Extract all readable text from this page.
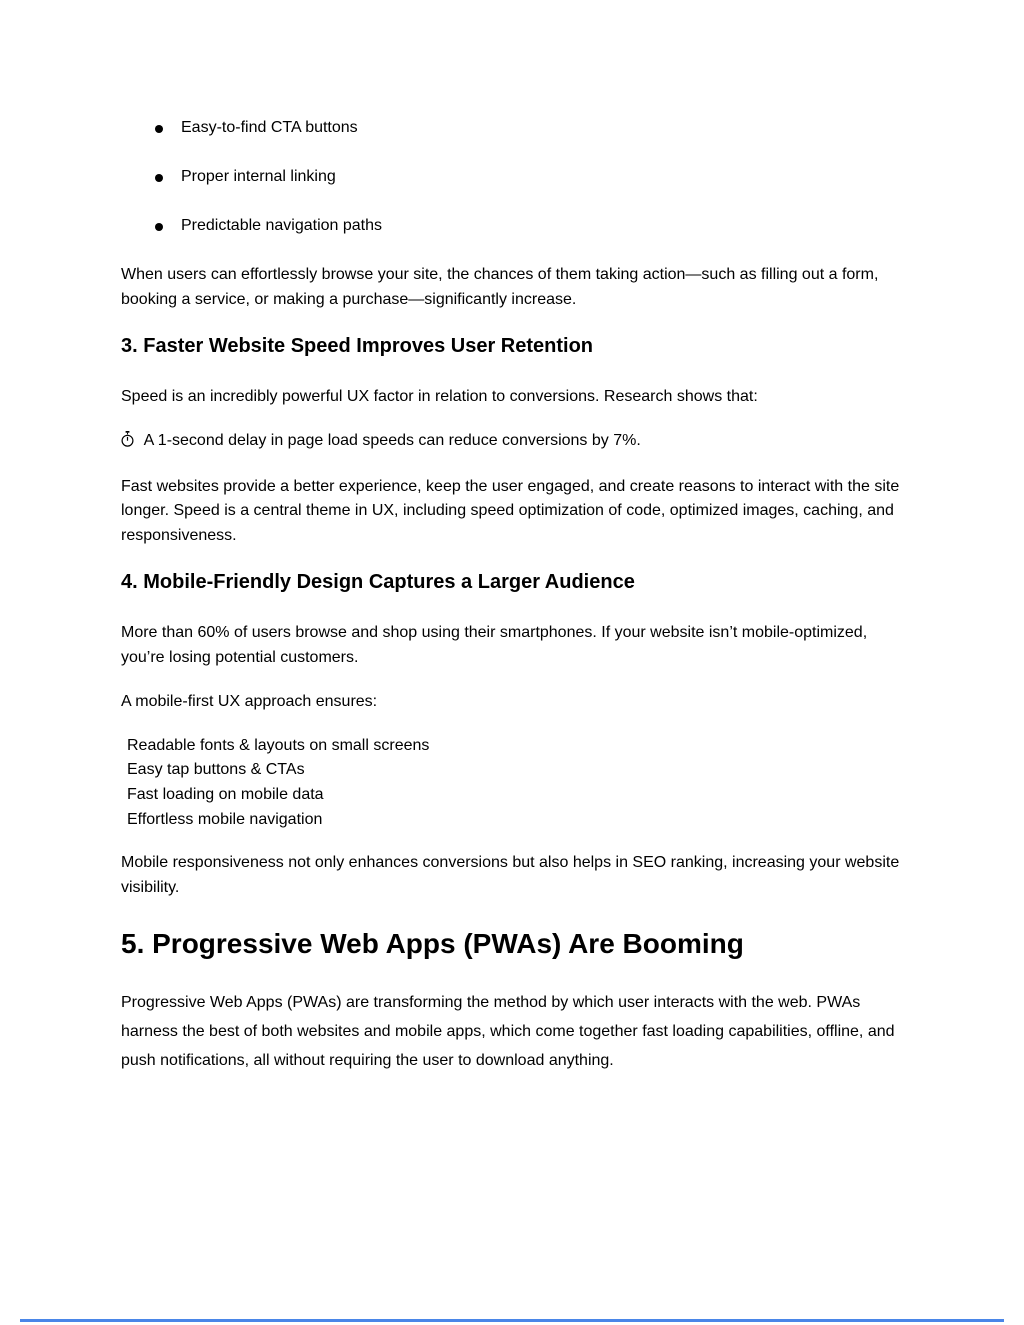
Easy-to-find CTA buttons
Proper internal linking
Predictable navigation paths

When users can effortlessly browse your site, the chances of them taking action—such as filling out a form, booking a service, or making a purchase—significantly increase.

3. Faster Website Speed Improves User Retention

Speed is an incredibly powerful UX factor in relation to conversions. Research shows that:

A 1-second delay in page load speeds can reduce conversions by 7%.

Fast websites provide a better experience, keep the user engaged, and create reasons to interact with the site longer. Speed is a central theme in UX, including speed optimization of code, optimized images, caching, and responsiveness.

4. Mobile-Friendly Design Captures a Larger Audience

More than 60% of users browse and shop using their smartphones. If your website isn’t mobile-optimized, you’re losing potential customers.

A mobile-first UX approach ensures:

Readable fonts & layouts on small screens
Easy tap buttons & CTAs
Fast loading on mobile data
Effortless mobile navigation

Mobile responsiveness not only enhances conversions but also helps in SEO ranking, increasing your website visibility.

5. Progressive Web Apps (PWAs) Are Booming

Progressive Web Apps (PWAs) are transforming the method by which user interacts with the web. PWAs harness the best of both websites and mobile apps, which come together fast loading capabilities, offline, and push notifications, all without requiring the user to download anything.
